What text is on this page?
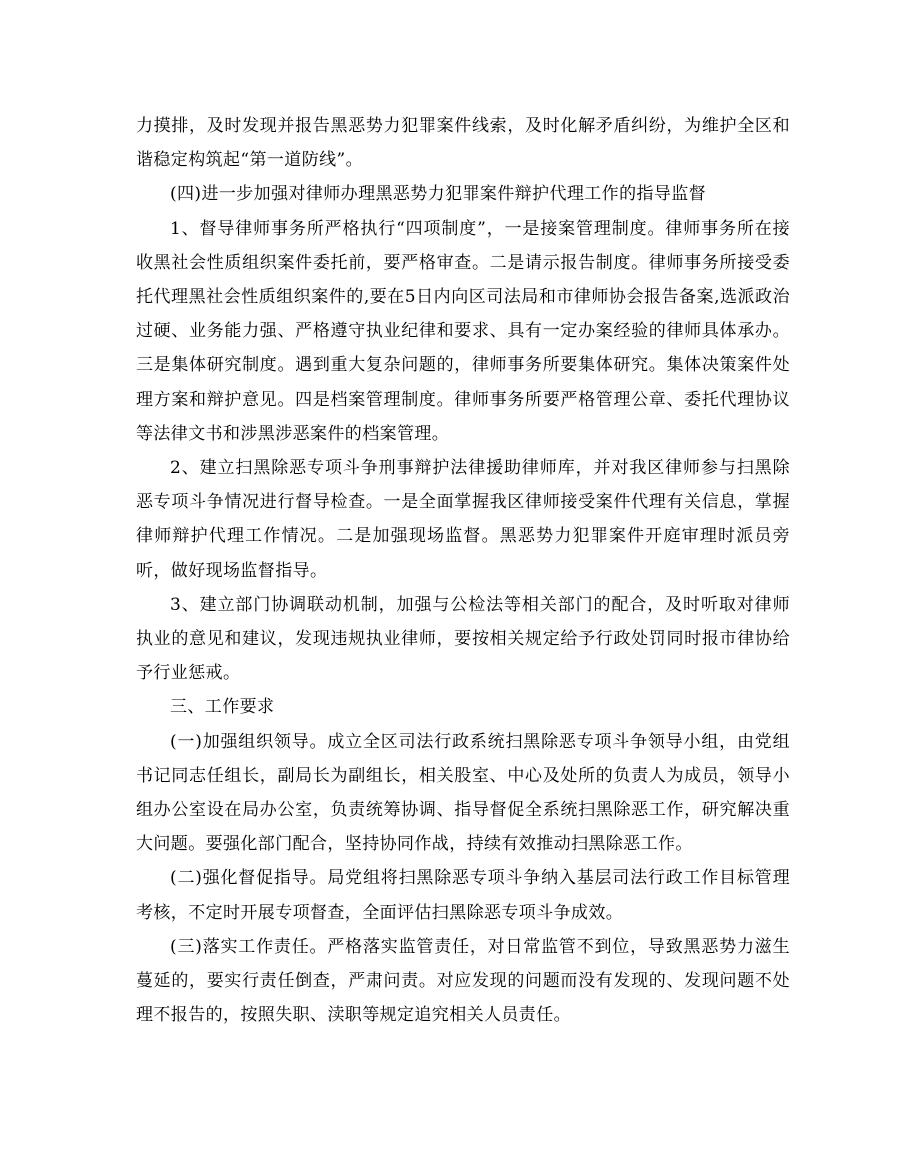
力摸排，及时发现并报告黑恶势力犯罪案件线索，及时化解矛盾纠纷，为维护全区和谐稳定构筑起“第一道防线”。

(四)进一步加强对律师办理黑恶势力犯罪案件辩护代理工作的指导监督

1、督导律师事务所严格执行“四项制度”，一是接案管理制度。律师事务所在接收黑社会性质组织案件委托前，要严格审查。二是请示报告制度。律师事务所接受委托代理黑社会性质组织案件的,要在5日内向区司法局和市律师协会报告备案,选派政治过硬、业务能力强、严格遵守执业纪律和要求、具有一定办案经验的律师具体承办。三是集体研究制度。遇到重大复杂问题的，律师事务所要集体研究。集体决策案件处理方案和辩护意见。四是档案管理制度。律师事务所要严格管理公章、委托代理协议等法律文书和涉黑涉恶案件的档案管理。

2、建立扫黑除恶专项斗争刑事辩护法律援助律师库，并对我区律师参与扫黑除恶专项斗争情况进行督导检查。一是全面掌握我区律师接受案件代理有关信息，掌握律师辩护代理工作情况。二是加强现场监督。黑恶势力犯罪案件开庭审理时派员旁听，做好现场监督指导。

3、建立部门协调联动机制，加强与公检法等相关部门的配合，及时听取对律师执业的意见和建议，发现违规执业律师，要按相关规定给予行政处罚同时报市律协给予行业惩戒。

三、工作要求

(一)加强组织领导。成立全区司法行政系统扫黑除恶专项斗争领导小组，由党组书记同志任组长，副局长为副组长，相关股室、中心及处所的负责人为成员，领导小组办公室设在局办公室，负责统筹协调、指导督促全系统扫黑除恶工作，研究解决重大问题。要强化部门配合，坚持协同作战，持续有效推动扫黑除恶工作。

(二)强化督促指导。局党组将扫黑除恶专项斗争纳入基层司法行政工作目标管理考核，不定时开展专项督查，全面评估扫黑除恶专项斗争成效。

(三)落实工作责任。严格落实监管责任，对日常监管不到位，导致黑恶势力滋生蔓延的，要实行责任倒查，严肃问责。对应发现的问题而没有发现的、发现问题不处理不报告的，按照失职、渎职等规定追究相关人员责任。
